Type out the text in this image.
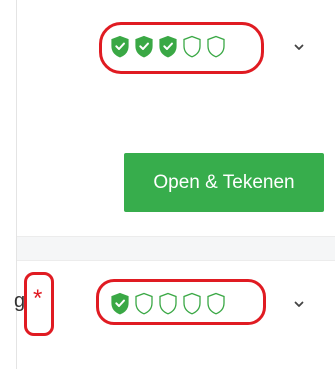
Open & Tekenen
g *
